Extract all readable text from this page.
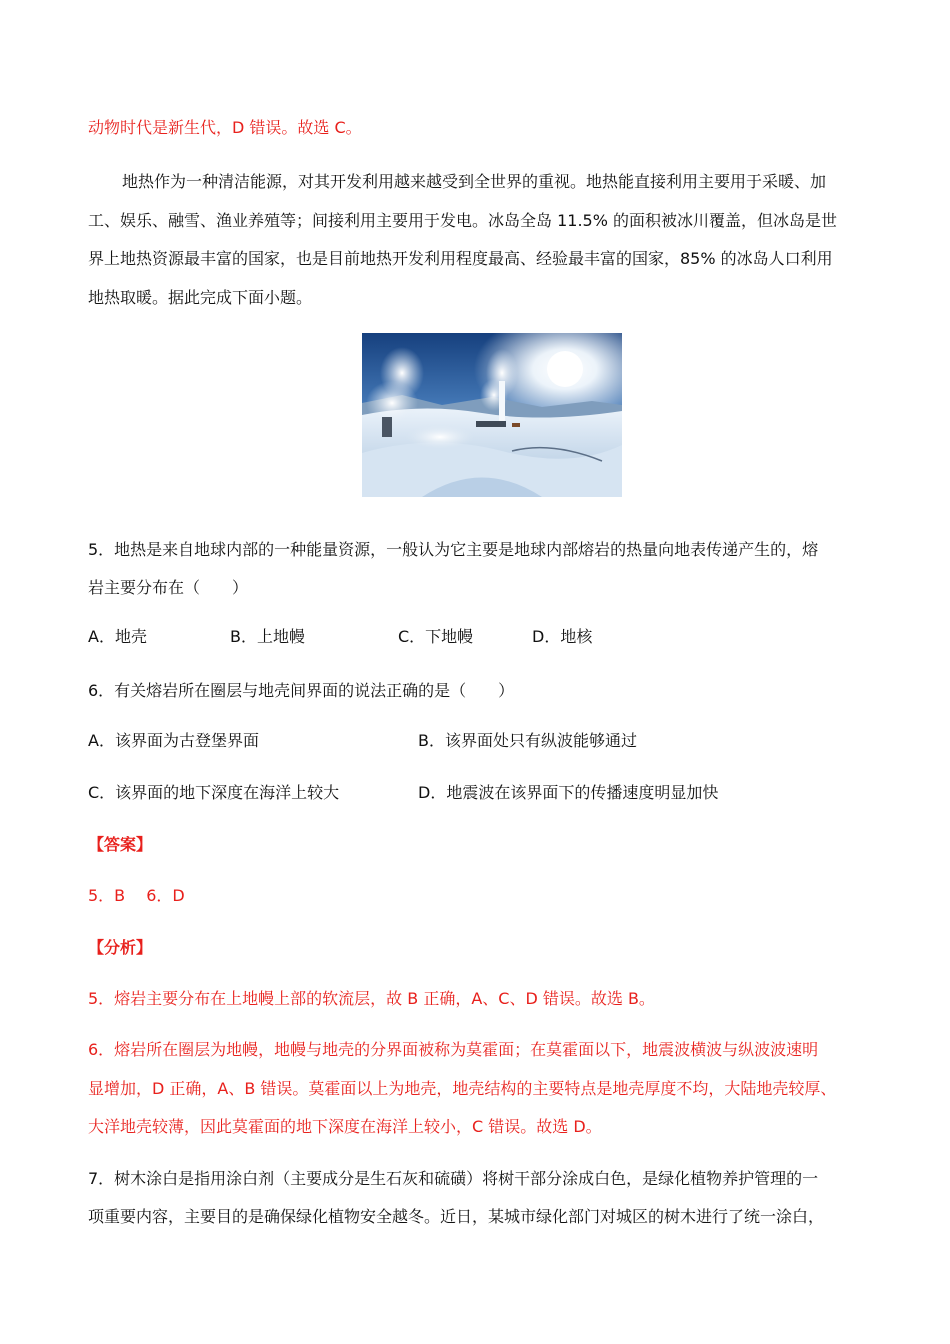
动物时代是新生代，D 错误。故选 C。
地热作为一种清洁能源，对其开发利用越来越受到全世界的重视。地热能直接利用主要用于采暖、加
工、娱乐、融雪、渔业养殖等；间接利用主要用于发电。冰岛全岛 11.5% 的面积被冰川覆盖，但冰岛是世
界上地热资源最丰富的国家，也是目前地热开发利用程度最高、经验最丰富的国家，85% 的冰岛人口利用
地热取暖。据此完成下面小题。
5．地热是来自地球内部的一种能量资源，一般认为它主要是地球内部熔岩的热量向地表传递产生的，熔
岩主要分布在（　　）
A．地壳	B．上地幔	C．下地幔	D．地核
6．有关熔岩所在圈层与地壳间界面的说法正确的是（　　）
A．该界面为古登堡界面	B．该界面处只有纵波能够通过
C．该界面的地下深度在海洋上较大	D．地震波在该界面下的传播速度明显加快
【答案】
5．B　 6．D
【分析】
5．熔岩主要分布在上地幔上部的软流层，故 B 正确，A、C、D 错误。故选 B。
6．熔岩所在圈层为地幔，地幔与地壳的分界面被称为莫霍面；在莫霍面以下，地震波横波与纵波波速明
显增加，D 正确，A、B 错误。莫霍面以上为地壳，地壳结构的主要特点是地壳厚度不均，大陆地壳较厚、
大洋地壳较薄，因此莫霍面的地下深度在海洋上较小，C 错误。故选 D。
7．树木涂白是指用涂白剂（主要成分是生石灰和硫磺）将树干部分涂成白色，是绿化植物养护管理的一
项重要内容，主要目的是确保绿化植物安全越冬。近日，某城市绿化部门对城区的树木进行了统一涂白，
